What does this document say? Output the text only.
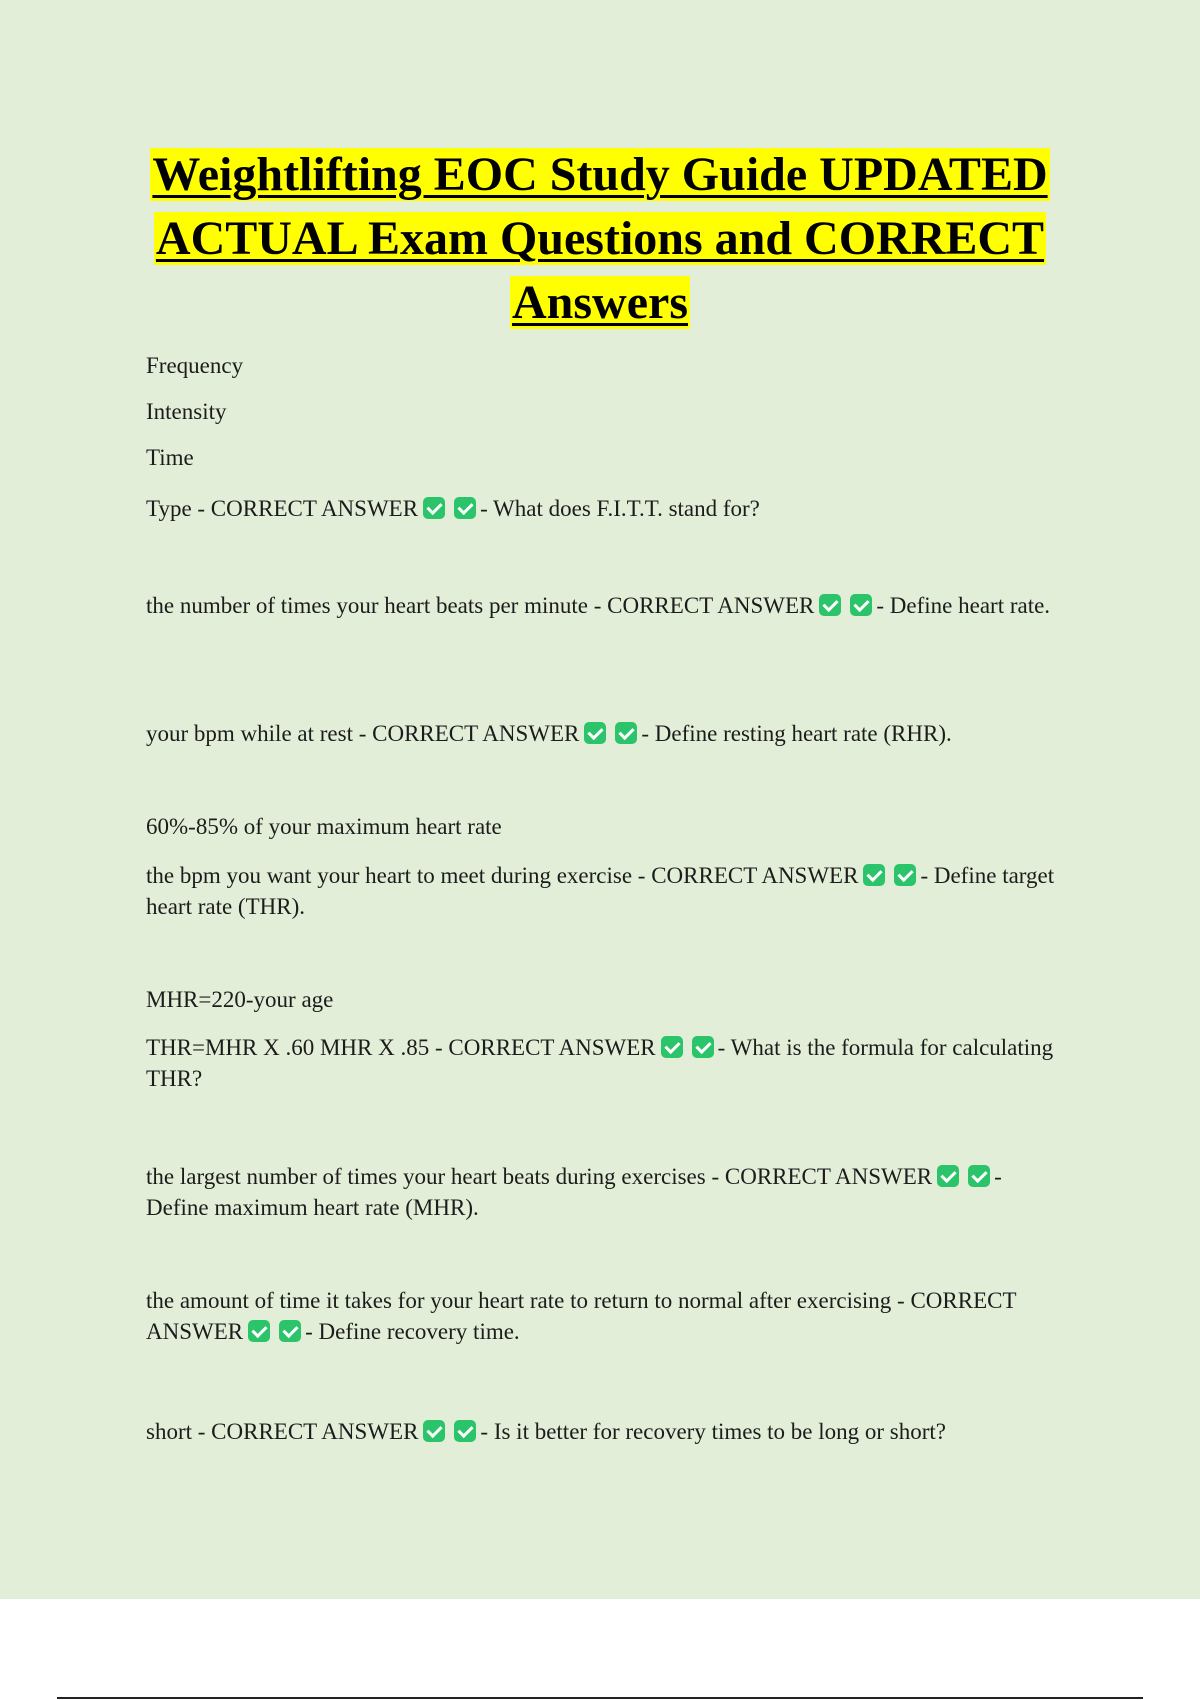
Weightlifting EOC Study Guide UPDATED ACTUAL Exam Questions and CORRECT Answers

Frequency

Intensity

Time

Type - CORRECT ANSWER	- What does F.I.T.T. stand for?

the number of times your heart beats per minute - CORRECT ANSWER	- Define heart rate.

your bpm while at rest - CORRECT ANSWER	- Define resting heart rate (RHR).

60%-85% of your maximum heart rate

the bpm you want your heart to meet during exercise - CORRECT ANSWER	- Define target heart rate (THR).

MHR=220-your age

THR=MHR X .60 MHR X .85 - CORRECT ANSWER	- What is the formula for calculating THR?

the largest number of times your heart beats during exercises - CORRECT ANSWER	- Define maximum heart rate (MHR).

the amount of time it takes for your heart rate to return to normal after exercising - CORRECT ANSWER	- Define recovery time.

short - CORRECT ANSWER	- Is it better for recovery times to be long or short?
